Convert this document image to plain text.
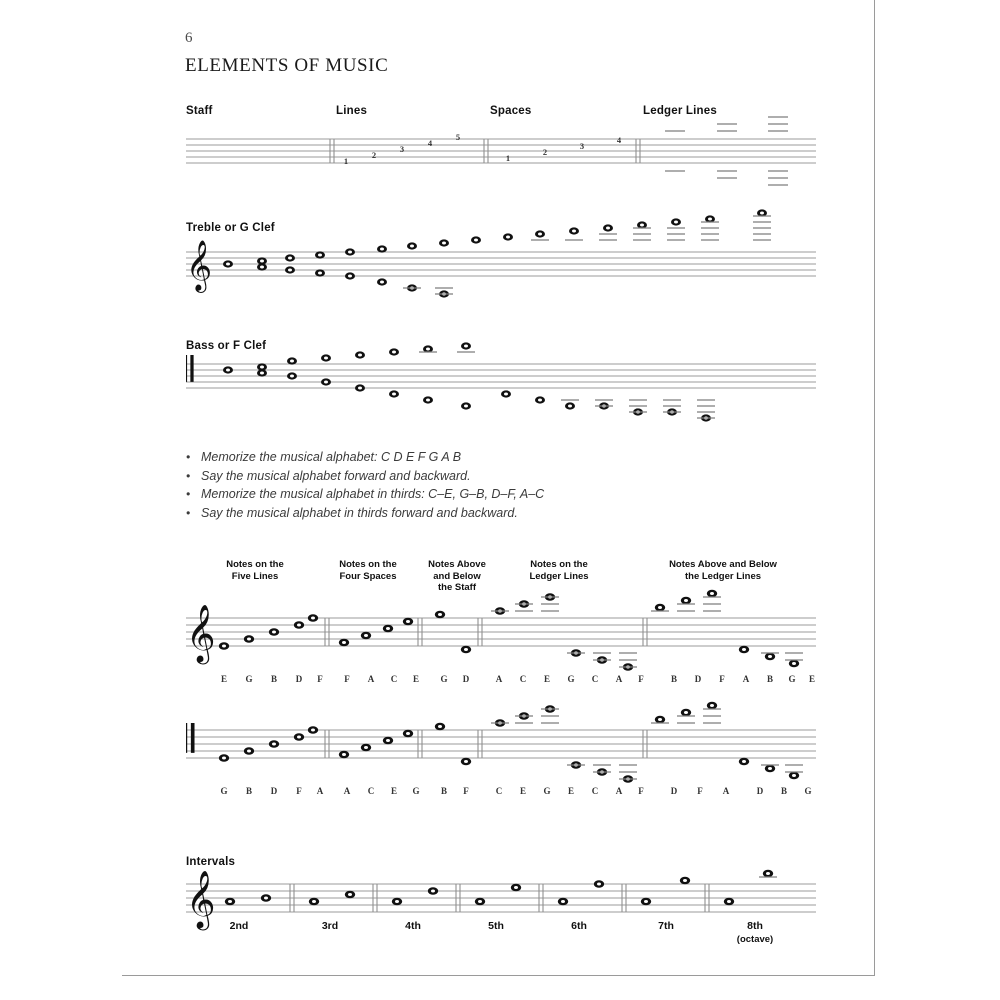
6
ELEMENTS OF MUSIC
Staff	Lines	Spaces	Ledger Lines
1
2
3
4
5
1
2
3
4
Treble or G Clef
𝄞
Bass or F Clef
𝄂
• Memorize the musical alphabet: C D E F G A B
• Say the musical alphabet forward and backward.
• Memorize the musical alphabet in thirds: C–E, G–B, D–F, A–C
• Say the musical alphabet in thirds forward and backward.
Notes on the
Five Lines
Notes on the
Four Spaces
Notes Above
and Below
the Staff
Notes on the
Ledger Lines
Notes Above and Below
the Ledger Lines
𝄞
E	G	B	D	F	F	A	C	E	G	D	A	C	E	G	C	A	F	B	D	F	A	B	G	E
𝄂
G	B	D	F	A	A	C	E	G	B	F	C	E	G	E	C	A	F	D	F	A	D	B	G
Intervals
𝄞	2nd	3rd	4th	5th	6th	7th	8th
(octave)
